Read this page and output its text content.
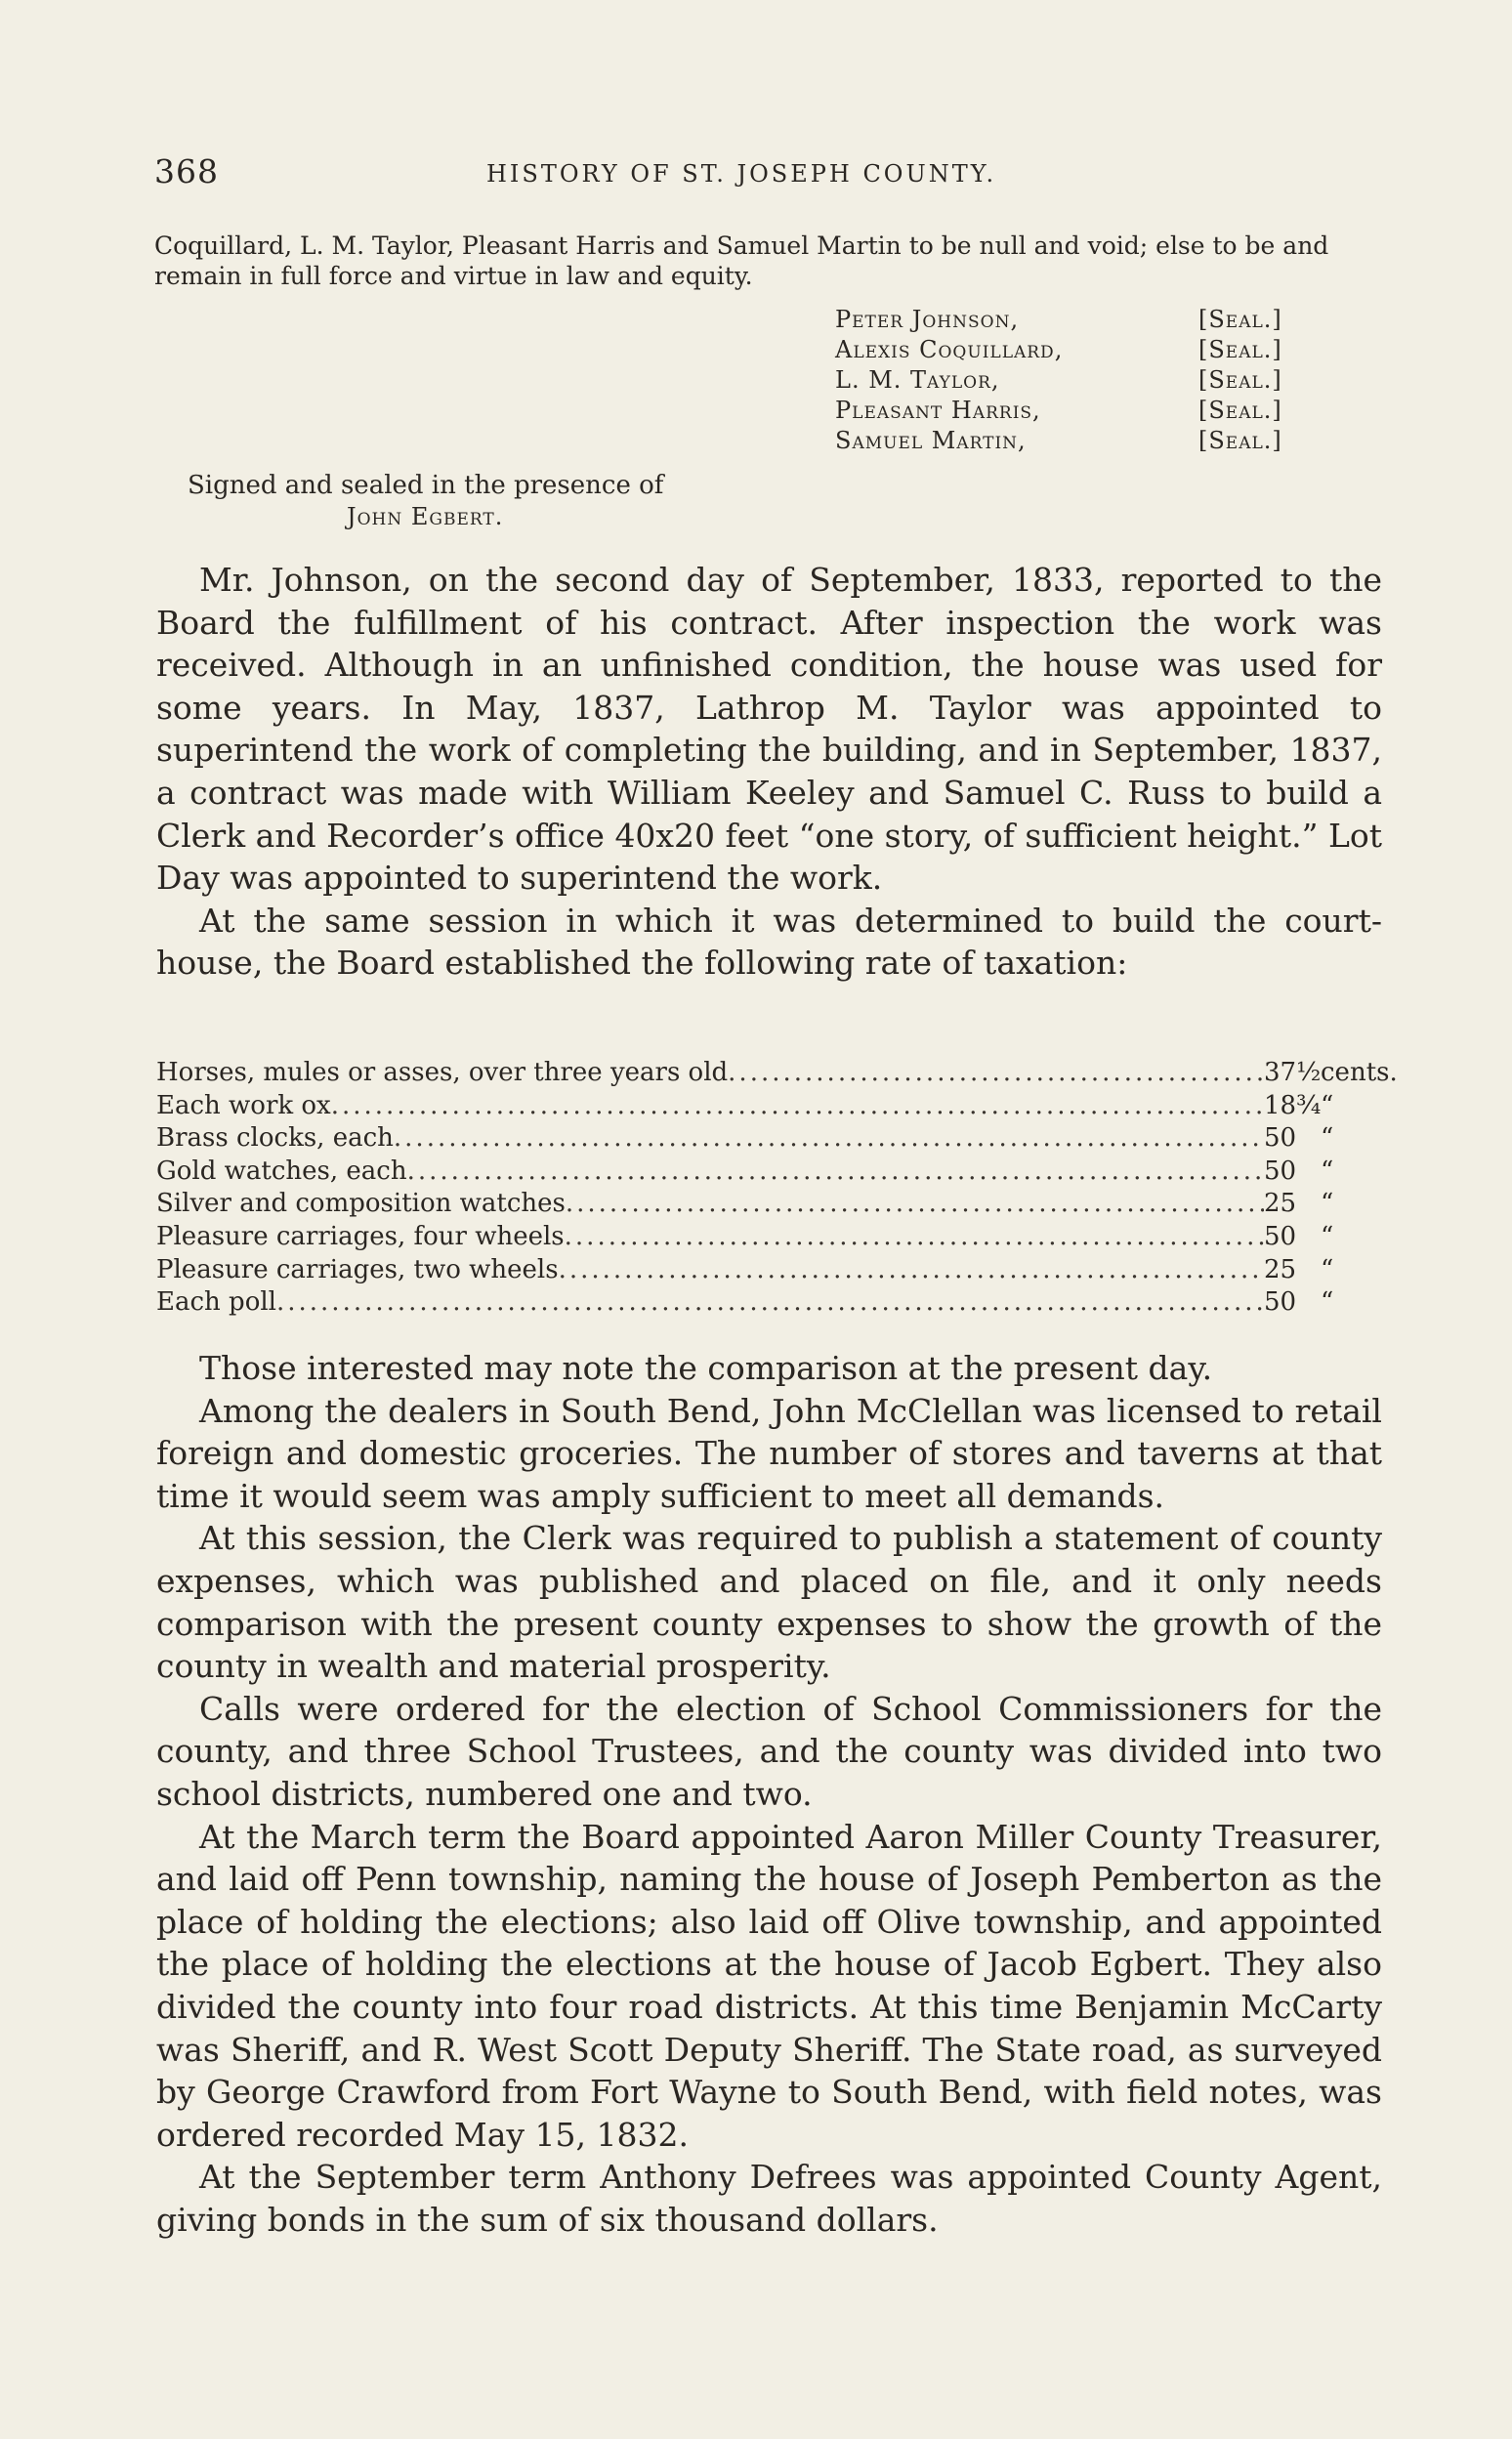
368	HISTORY OF ST. JOSEPH COUNTY.
Coquillard, L. M. Taylor, Pleasant Harris and Samuel Martin to be null and void; else to be and remain in full force and virtue in law and equity.
Peter Johnson,	[Seal.]
Alexis Coquillard,	[Seal.]
L. M. Taylor,	[Seal.]
Pleasant Harris,	[Seal.]
Samuel Martin,	[Seal.]
Signed and sealed in the presence of
John Egbert.

Mr. Johnson, on the second day of September, 1833, reported to the Board the fulfillment of his contract. After inspection the work was received. Although in an unfinished condition, the house was used for some years. In May, 1837, Lathrop M. Taylor was appointed to superintend the work of completing the building, and in September, 1837, a contract was made with William Keeley and Samuel C. Russ to build a Clerk and Recorder’s office 40x20 feet “one story, of sufficient height.” Lot Day was appointed to superintend the work.

At the same session in which it was determined to build the court-house, the Board established the following rate of taxation:

Horses, mules or asses, over three years old .....	37½ cents.
Each work ox .....	18¾ “
Brass clocks, each .....	50 “
Gold watches, each .....	50 “
Silver and composition watches .....	25 “
Pleasure carriages, four wheels .....	50 “
Pleasure carriages, two wheels .....	25 “
Each poll .....	50 “

Those interested may note the comparison at the present day.

Among the dealers in South Bend, John McClellan was licensed to retail foreign and domestic groceries. The number of stores and taverns at that time it would seem was amply sufficient to meet all demands.

At this session, the Clerk was required to publish a statement of county expenses, which was published and placed on file, and it only needs comparison with the present county expenses to show the growth of the county in wealth and material prosperity.

Calls were ordered for the election of School Commissioners for the county, and three School Trustees, and the county was divided into two school districts, numbered one and two.

At the March term the Board appointed Aaron Miller County Treasurer, and laid off Penn township, naming the house of Joseph Pemberton as the place of holding the elections; also laid off Olive township, and appointed the place of holding the elections at the house of Jacob Egbert. They also divided the county into four road districts. At this time Benjamin McCarty was Sheriff, and R. West Scott Deputy Sheriff. The State road, as surveyed by George Crawford from Fort Wayne to South Bend, with field notes, was ordered recorded May 15, 1832.

At the September term Anthony Defrees was appointed County Agent, giving bonds in the sum of six thousand dollars.
